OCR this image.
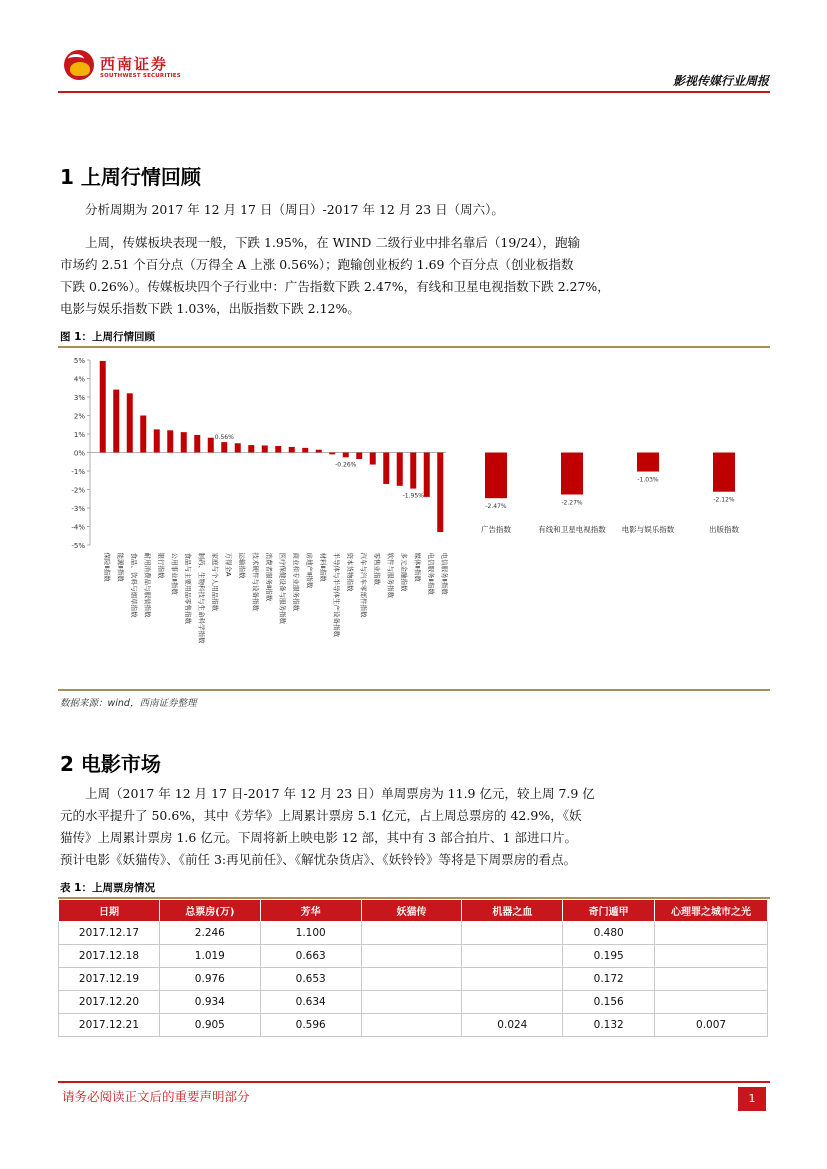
西南证券
SOUTHWEST SECURITIES	影视传媒行业周报
1 上周行情回顾
分析周期为 2017 年 12 月 17 日（周日）-2017 年 12 月 23 日（周六）。
上周，传媒板块表现一般，下跌 1.95%，在 WIND 二级行业中排名靠后（19/24），跑输
市场约 2.51 个百分点（万得全 A 上涨 0.56%）；跑输创业板约 1.69 个百分点（创业板指数
下跌 0.26%）。传媒板块四个子行业中：广告指数下跌 2.47%，有线和卫星电视指数下跌 2.27%，
电影与娱乐指数下跌 1.03%，出版指数下跌 2.12%。
图 1：上周行情回顾
5%
4%
3%
2%
1%
0%
-1%
-2%
-3%
-4%
-5%
保险Ⅱ指数 能源Ⅱ指数 食品、饮料与烟草指数 耐用消费品与服装指数 银行指数 公用事业Ⅱ指数 食品与主要用品零售指数 制药、生物科技与生命科学指数 家庭与个人用品指数 万得全A 运输指数 技术硬件与设备指数 消费者服务Ⅱ指数 医疗保健设备与服务指数 商业和专业服务指数 房地产Ⅱ指数 材料Ⅱ指数 半导体与半导体生产设备指数 资本货物指数 汽车与汽车零部件指数 零售业指数 软件与服务指数 多元金融指数 媒体Ⅱ指数 电信服务Ⅱ指数 电信服务Ⅱ指数
0.56%
-0.26%
-1.95%
-2.47%
广告指数
-2.27%
有线和卫星电视指数
-1.03%
电影与娱乐指数
-2.12%
出版指数
数据来源：wind，西南证券整理
2 电影市场
上周（2017 年 12 月 17 日-2017 年 12 月 23 日）单周票房为 11.9 亿元，较上周 7.9 亿
元的水平提升了 50.6%，其中《芳华》上周累计票房 5.1 亿元，占上周总票房的 42.9%，《妖
猫传》上周累计票房 1.6 亿元。下周将新上映电影 12 部，其中有 3 部合拍片、1 部进口片。
预计电影《妖猫传》、《前任 3:再见前任》、《解忧杂货店》、《妖铃铃》等将是下周票房的看点。
表 1：上周票房情况
日期	总票房(万)	芳华	妖猫传	机器之血	奇门遁甲	心理罪之城市之光
2017.12.17	2.246	1.100			0.480	
2017.12.18	1.019	0.663			0.195	
2017.12.19	0.976	0.653			0.172	
2017.12.20	0.934	0.634			0.156	
2017.12.21	0.905	0.596		0.024	0.132	0.007
请务必阅读正文后的重要声明部分	1
